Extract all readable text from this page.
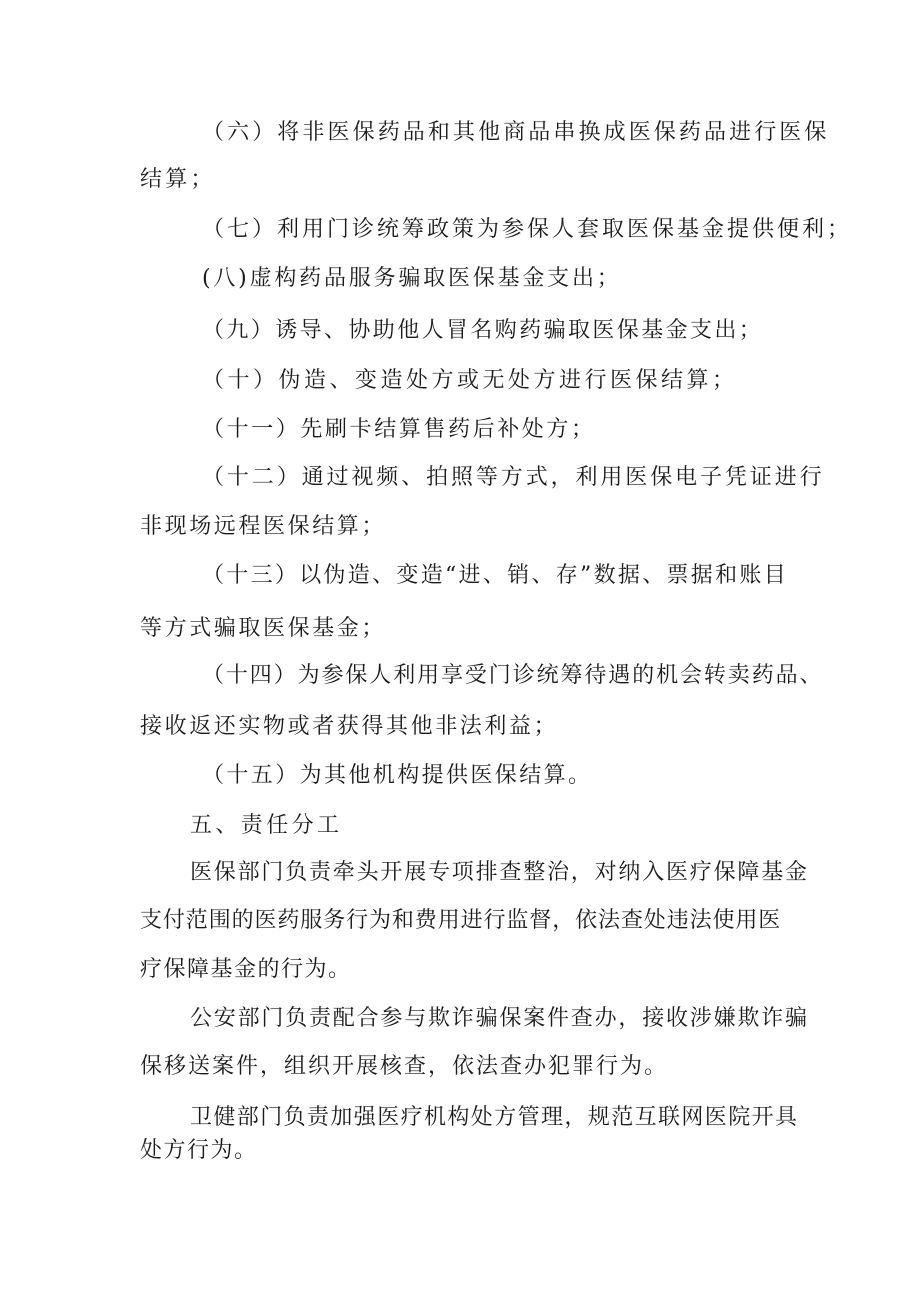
（六）将非医保药品和其他商品串换成医保药品进行医保
结算；
（七）利用门诊统筹政策为参保人套取医保基金提供便利；
(八)虚构药品服务骗取医保基金支出；
（九）诱导、协助他人冒名购药骗取医保基金支出；
（十）伪造、变造处方或无处方进行医保结算；
（十一）先刷卡结算售药后补处方；
（十二）通过视频、拍照等方式，利用医保电子凭证进行
非现场远程医保结算；
（十三）以伪造、变造“进、销、存”数据、票据和账目
等方式骗取医保基金；
（十四）为参保人利用享受门诊统筹待遇的机会转卖药品、
接收返还实物或者获得其他非法利益；
（十五）为其他机构提供医保结算。
五、责任分工
医保部门负责牵头开展专项排查整治，对纳入医疗保障基金
支付范围的医药服务行为和费用进行监督，依法查处违法使用医
疗保障基金的行为。
公安部门负责配合参与欺诈骗保案件查办，接收涉嫌欺诈骗
保移送案件，组织开展核查，依法查办犯罪行为。
卫健部门负责加强医疗机构处方管理，规范互联网医院开具
处方行为。
